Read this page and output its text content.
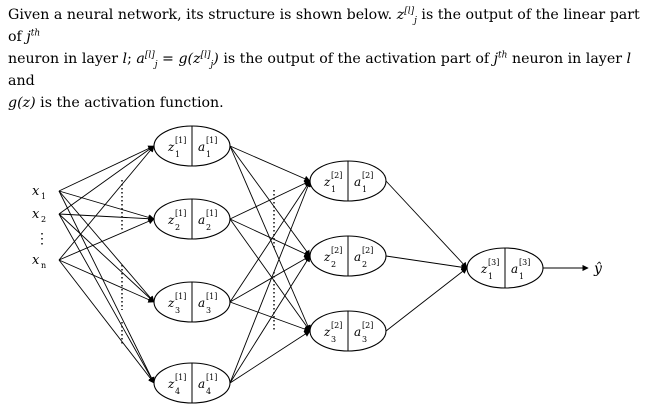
Given a neural network, its structure is shown below. $z[l]_j$ is the output of the linear part of $j^{th}$
neuron in layer l; $a[l]_j = g(z[l]_j)$ is the output of the activation part of $j^{th}$ neuron in layer l and
g(z) is the activation function.
z [1]
1
a [1]
1
z [1]
2
a [1]
2
z [1]
3
a [1]
3
z [1]
4
a [1]
4
z [2]
1
a [2]
1
z [2]
2
a [2]
2
z [2]
3
a [2]
3
z [3]
1
a [3]
1
x 1
x 2
x n
⋮
ŷ
